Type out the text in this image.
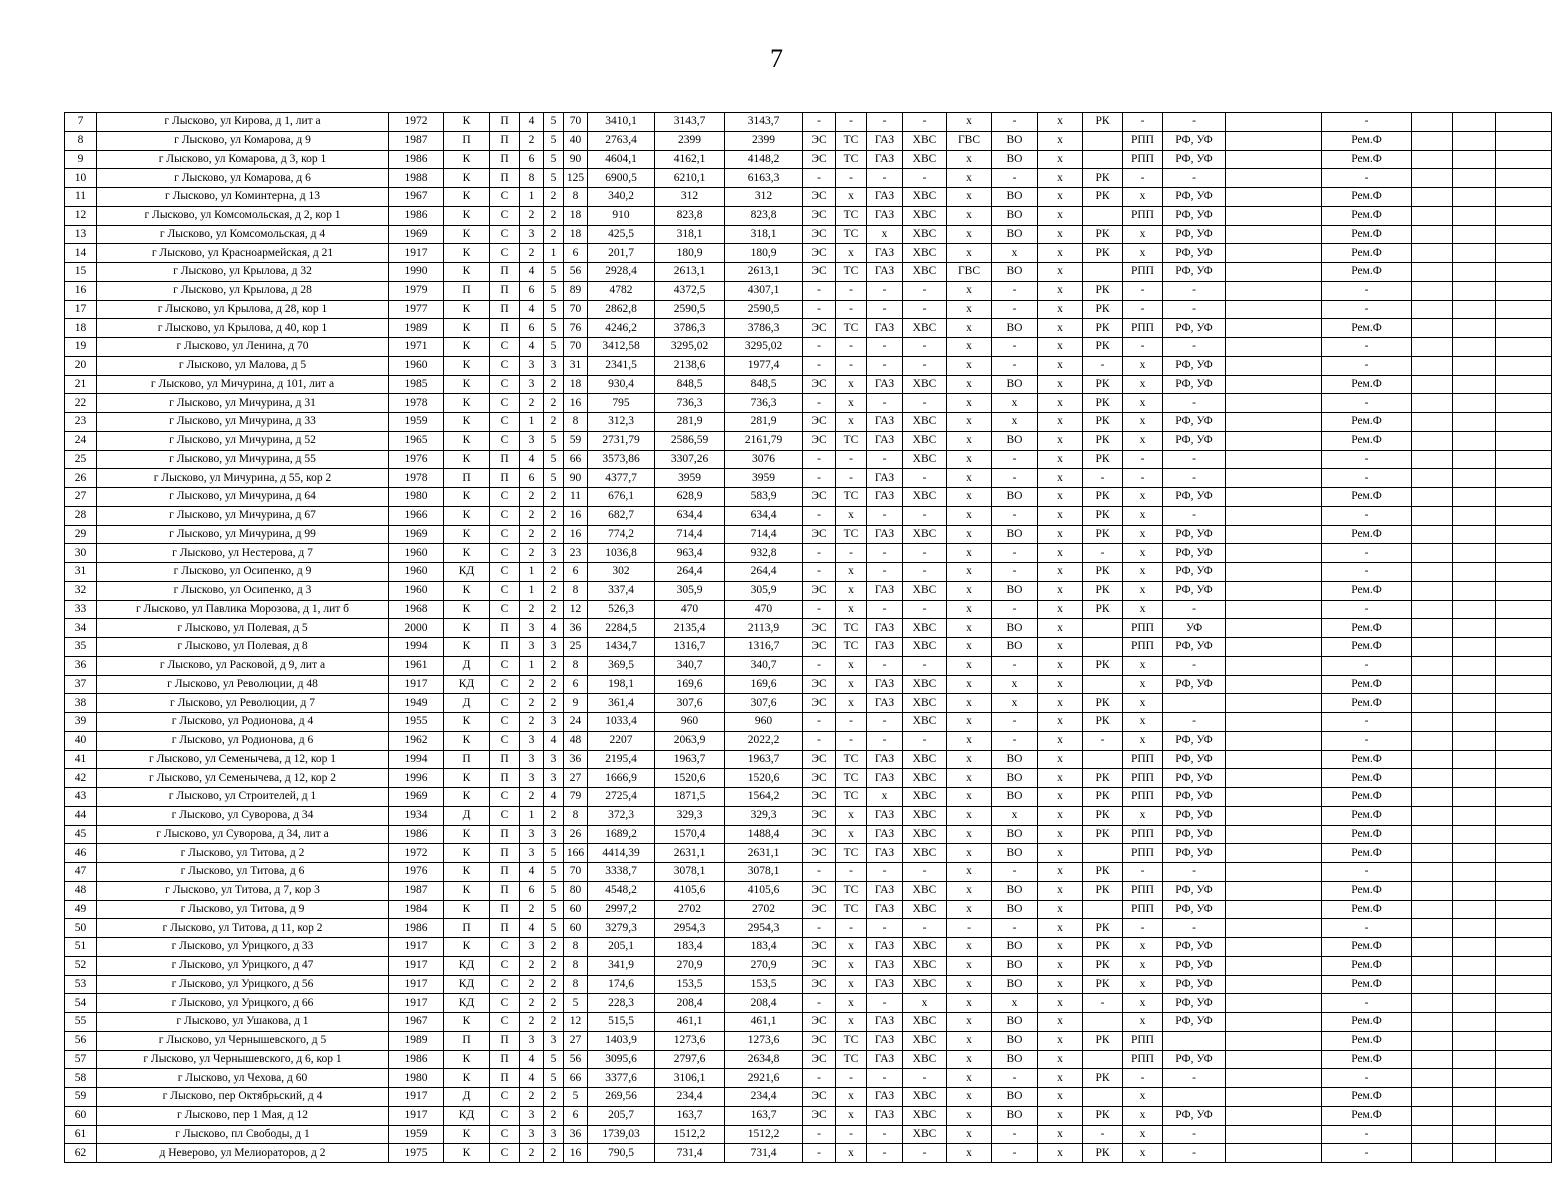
7
7	г Лысково, ул Кирова, д 1, лит а	1972	К	П	4	5	70	3410,1	3143,7	3143,7	-	-	-	-	x	-	x	РК	-	-		-			
8	г Лысково, ул Комарова, д 9	1987	П	П	2	5	40	2763,4	2399	2399	ЭС	ТС	ГАЗ	ХВС	ГВС	ВО	x		РПП	РФ, УФ		Рем.Ф			
9	г Лысково, ул Комарова, д 3, кор 1	1986	К	П	6	5	90	4604,1	4162,1	4148,2	ЭС	ТС	ГАЗ	ХВС	x	ВО	x		РПП	РФ, УФ		Рем.Ф			
10	г Лысково, ул Комарова, д 6	1988	К	П	8	5	125	6900,5	6210,1	6163,3	-	-	-	-	x	-	x	РК	-	-		-			
11	г Лысково, ул Коминтерна, д 13	1967	К	С	1	2	8	340,2	312	312	ЭС	x	ГАЗ	ХВС	x	ВО	x	РК	x	РФ, УФ		Рем.Ф			
12	г Лысково, ул Комсомольская, д 2, кор 1	1986	К	С	2	2	18	910	823,8	823,8	ЭС	ТС	ГАЗ	ХВС	x	ВО	x		РПП	РФ, УФ		Рем.Ф			
13	г Лысково, ул Комсомольская, д 4	1969	К	С	3	2	18	425,5	318,1	318,1	ЭС	ТС	x	ХВС	x	ВО	x	РК	x	РФ, УФ		Рем.Ф			
14	г Лысково, ул Красноармейская, д 21	1917	К	С	2	1	6	201,7	180,9	180,9	ЭС	x	ГАЗ	ХВС	x	x	x	РК	x	РФ, УФ		Рем.Ф			
15	г Лысково, ул Крылова, д 32	1990	К	П	4	5	56	2928,4	2613,1	2613,1	ЭС	ТС	ГАЗ	ХВС	ГВС	ВО	x		РПП	РФ, УФ		Рем.Ф			
16	г Лысково, ул Крылова, д 28	1979	П	П	6	5	89	4782	4372,5	4307,1	-	-	-	-	x	-	x	РК	-	-		-			
17	г Лысково, ул Крылова, д 28, кор 1	1977	К	П	4	5	70	2862,8	2590,5	2590,5	-	-	-	-	x	-	x	РК	-	-		-			
18	г Лысково, ул Крылова, д 40, кор 1	1989	К	П	6	5	76	4246,2	3786,3	3786,3	ЭС	ТС	ГАЗ	ХВС	x	ВО	x	РК	РПП	РФ, УФ		Рем.Ф			
19	г Лысково, ул Ленина, д 70	1971	К	С	4	5	70	3412,58	3295,02	3295,02	-	-	-	-	x	-	x	РК	-	-		-			
20	г Лысково, ул Малова, д 5	1960	К	С	3	3	31	2341,5	2138,6	1977,4	-	-	-	-	x	-	x	-	x	РФ, УФ		-			
21	г Лысково, ул Мичурина, д 101, лит а	1985	К	С	3	2	18	930,4	848,5	848,5	ЭС	x	ГАЗ	ХВС	x	ВО	x	РК	x	РФ, УФ		Рем.Ф			
22	г Лысково, ул Мичурина, д 31	1978	К	С	2	2	16	795	736,3	736,3	-	x	-	-	x	x	x	РК	x	-		-			
23	г Лысково, ул Мичурина, д 33	1959	К	С	1	2	8	312,3	281,9	281,9	ЭС	x	ГАЗ	ХВС	x	x	x	РК	x	РФ, УФ		Рем.Ф			
24	г Лысково, ул Мичурина, д 52	1965	К	С	3	5	59	2731,79	2586,59	2161,79	ЭС	ТС	ГАЗ	ХВС	x	ВО	x	РК	x	РФ, УФ		Рем.Ф			
25	г Лысково, ул Мичурина, д 55	1976	К	П	4	5	66	3573,86	3307,26	3076	-	-	-	ХВС	x	-	x	РК	-	-		-			
26	г Лысково, ул Мичурина, д 55, кор 2	1978	П	П	6	5	90	4377,7	3959	3959	-	-	ГАЗ	-	x	-	x	-	-	-		-			
27	г Лысково, ул Мичурина, д 64	1980	К	С	2	2	11	676,1	628,9	583,9	ЭС	ТС	ГАЗ	ХВС	x	ВО	x	РК	x	РФ, УФ		Рем.Ф			
28	г Лысково, ул Мичурина, д 67	1966	К	С	2	2	16	682,7	634,4	634,4	-	x	-	-	x	-	x	РК	x	-		-			
29	г Лысково, ул Мичурина, д 99	1969	К	С	2	2	16	774,2	714,4	714,4	ЭС	ТС	ГАЗ	ХВС	x	ВО	x	РК	x	РФ, УФ		Рем.Ф			
30	г Лысково, ул Нестерова, д 7	1960	К	С	2	3	23	1036,8	963,4	932,8	-	-	-	-	x	-	x	-	x	РФ, УФ		-			
31	г Лысково, ул Осипенко, д 9	1960	КД	С	1	2	6	302	264,4	264,4	-	x	-	-	x	-	x	РК	x	РФ, УФ		-			
32	г Лысково, ул Осипенко, д 3	1960	К	С	1	2	8	337,4	305,9	305,9	ЭС	x	ГАЗ	ХВС	x	ВО	x	РК	x	РФ, УФ		Рем.Ф			
33	г Лысково, ул Павлика Морозова, д 1, лит б	1968	К	С	2	2	12	526,3	470	470	-	x	-	-	x	-	x	РК	x	-		-			
34	г Лысково, ул Полевая, д 5	2000	К	П	3	4	36	2284,5	2135,4	2113,9	ЭС	ТС	ГАЗ	ХВС	x	ВО	x		РПП	УФ		Рем.Ф			
35	г Лысково, ул Полевая, д 8	1994	К	П	3	3	25	1434,7	1316,7	1316,7	ЭС	ТС	ГАЗ	ХВС	x	ВО	x		РПП	РФ, УФ		Рем.Ф			
36	г Лысково, ул Расковой, д 9, лит а	1961	Д	С	1	2	8	369,5	340,7	340,7	-	x	-	-	x	-	x	РК	x	-		-			
37	г Лысково, ул Революции, д 48	1917	КД	С	2	2	6	198,1	169,6	169,6	ЭС	x	ГАЗ	ХВС	x	x	x		x	РФ, УФ		Рем.Ф			
38	г Лысково, ул Революции, д 7	1949	Д	С	2	2	9	361,4	307,6	307,6	ЭС	x	ГАЗ	ХВС	x	x	x	РК	x			Рем.Ф			
39	г Лысково, ул Родионова, д 4	1955	К	С	2	3	24	1033,4	960	960	-	-	-	ХВС	x	-	x	РК	x	-		-			
40	г Лысково, ул Родионова, д 6	1962	К	С	3	4	48	2207	2063,9	2022,2	-	-	-	-	x	-	x	-	x	РФ, УФ		-			
41	г Лысково, ул Семенычева, д 12, кор 1	1994	П	П	3	3	36	2195,4	1963,7	1963,7	ЭС	ТС	ГАЗ	ХВС	x	ВО	x		РПП	РФ, УФ		Рем.Ф			
42	г Лысково, ул Семенычева, д 12, кор 2	1996	К	П	3	3	27	1666,9	1520,6	1520,6	ЭС	ТС	ГАЗ	ХВС	x	ВО	x	РК	РПП	РФ, УФ		Рем.Ф			
43	г Лысково, ул Строителей, д 1	1969	К	С	2	4	79	2725,4	1871,5	1564,2	ЭС	ТС	x	ХВС	x	ВО	x	РК	РПП	РФ, УФ		Рем.Ф			
44	г Лысково, ул Суворова, д 34	1934	Д	С	1	2	8	372,3	329,3	329,3	ЭС	x	ГАЗ	ХВС	x	x	x	РК	x	РФ, УФ		Рем.Ф			
45	г Лысково, ул Суворова, д 34, лит а	1986	К	П	3	3	26	1689,2	1570,4	1488,4	ЭС	x	ГАЗ	ХВС	x	ВО	x	РК	РПП	РФ, УФ		Рем.Ф			
46	г Лысково, ул Титова, д 2	1972	К	П	3	5	166	4414,39	2631,1	2631,1	ЭС	ТС	ГАЗ	ХВС	x	ВО	x		РПП	РФ, УФ		Рем.Ф			
47	г Лысково, ул Титова, д 6	1976	К	П	4	5	70	3338,7	3078,1	3078,1	-	-	-	-	x	-	x	РК	-	-		-			
48	г Лысково, ул Титова, д 7, кор 3	1987	К	П	6	5	80	4548,2	4105,6	4105,6	ЭС	ТС	ГАЗ	ХВС	x	ВО	x	РК	РПП	РФ, УФ		Рем.Ф			
49	г Лысково, ул Титова, д 9	1984	К	П	2	5	60	2997,2	2702	2702	ЭС	ТС	ГАЗ	ХВС	x	ВО	x		РПП	РФ, УФ		Рем.Ф			
50	г Лысково, ул Титова, д 11, кор 2	1986	П	П	4	5	60	3279,3	2954,3	2954,3	-	-	-	-	-	-	x	РК	-	-		-			
51	г Лысково, ул Урицкого, д 33	1917	К	С	3	2	8	205,1	183,4	183,4	ЭС	x	ГАЗ	ХВС	x	ВО	x	РК	x	РФ, УФ		Рем.Ф			
52	г Лысково, ул Урицкого, д 47	1917	КД	С	2	2	8	341,9	270,9	270,9	ЭС	x	ГАЗ	ХВС	x	ВО	x	РК	x	РФ, УФ		Рем.Ф			
53	г Лысково, ул Урицкого, д 56	1917	КД	С	2	2	8	174,6	153,5	153,5	ЭС	x	ГАЗ	ХВС	x	ВО	x	РК	x	РФ, УФ		Рем.Ф			
54	г Лысково, ул Урицкого, д 66	1917	КД	С	2	2	5	228,3	208,4	208,4	-	x	-	x	x	x	x	-	x	РФ, УФ		-			
55	г Лысково, ул Ушакова, д 1	1967	К	С	2	2	12	515,5	461,1	461,1	ЭС	x	ГАЗ	ХВС	x	ВО	x		x	РФ, УФ		Рем.Ф			
56	г Лысково, ул Чернышевского, д 5	1989	П	П	3	3	27	1403,9	1273,6	1273,6	ЭС	ТС	ГАЗ	ХВС	x	ВО	x	РК	РПП			Рем.Ф			
57	г Лысково, ул Чернышевского, д 6, кор 1	1986	К	П	4	5	56	3095,6	2797,6	2634,8	ЭС	ТС	ГАЗ	ХВС	x	ВО	x		РПП	РФ, УФ		Рем.Ф			
58	г Лысково, ул Чехова, д 60	1980	К	П	4	5	66	3377,6	3106,1	2921,6	-	-	-	-	x	-	x	РК	-	-		-			
59	г Лысково, пер Октябрьский, д 4	1917	Д	С	2	2	5	269,56	234,4	234,4	ЭС	x	ГАЗ	ХВС	x	ВО	x		x			Рем.Ф			
60	г Лысково, пер 1 Мая, д 12	1917	КД	С	3	2	6	205,7	163,7	163,7	ЭС	x	ГАЗ	ХВС	x	ВО	x	РК	x	РФ, УФ		Рем.Ф			
61	г Лысково, пл Свободы, д 1	1959	К	С	3	3	36	1739,03	1512,2	1512,2	-	-	-	ХВС	x	-	x	-	x	-		-			
62	д Неверово, ул Мелиораторов, д 2	1975	К	С	2	2	16	790,5	731,4	731,4	-	x	-	-	x	-	x	РК	x	-		-			
